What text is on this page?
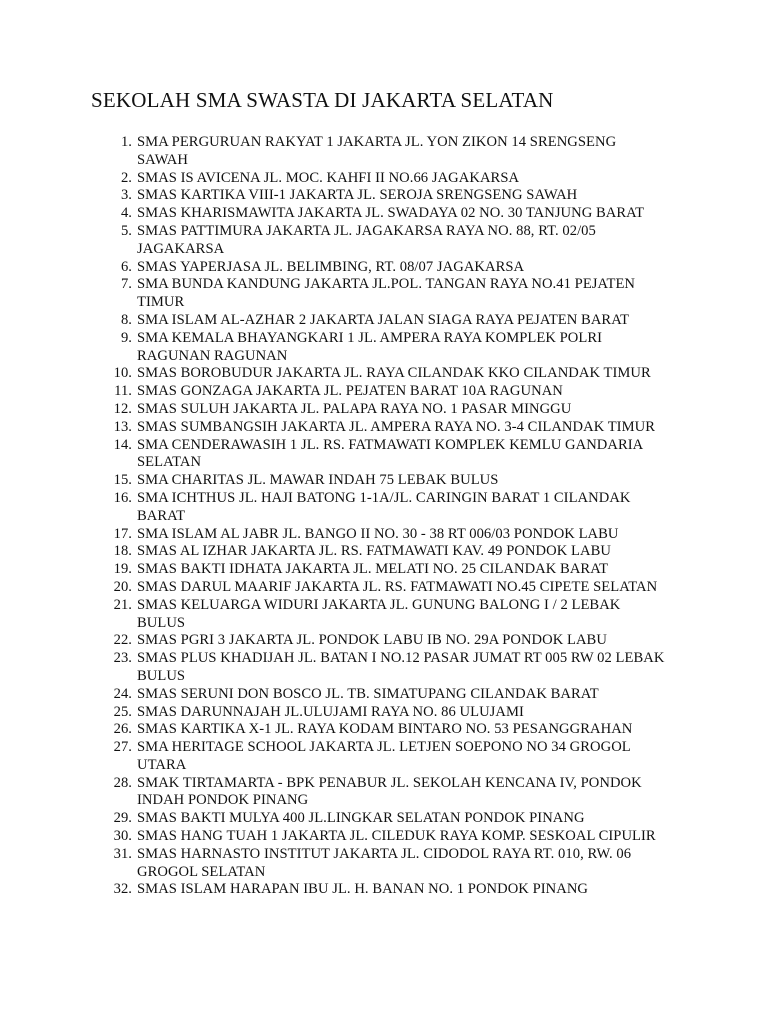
SEKOLAH SMA SWASTA DI JAKARTA SELATAN
1. SMA PERGURUAN RAKYAT 1 JAKARTA JL. YON ZIKON 14 SRENGSENG SAWAH
2. SMAS IS AVICENA JL. MOC. KAHFI II NO.66 JAGAKARSA
3. SMAS KARTIKA VIII-1 JAKARTA JL. SEROJA SRENGSENG SAWAH
4. SMAS KHARISMAWITA JAKARTA JL. SWADAYA 02 NO. 30 TANJUNG BARAT
5. SMAS PATTIMURA JAKARTA JL. JAGAKARSA RAYA NO. 88, RT. 02/05 JAGAKARSA
6. SMAS YAPERJASA JL. BELIMBING, RT. 08/07 JAGAKARSA
7. SMA BUNDA KANDUNG JAKARTA JL.POL. TANGAN RAYA NO.41 PEJATEN TIMUR
8. SMA ISLAM AL-AZHAR 2 JAKARTA JALAN SIAGA RAYA PEJATEN BARAT
9. SMA KEMALA BHAYANGKARI 1 JL. AMPERA RAYA KOMPLEK POLRI RAGUNAN RAGUNAN
10. SMAS BOROBUDUR JAKARTA JL. RAYA CILANDAK KKO CILANDAK TIMUR
11. SMAS GONZAGA JAKARTA JL. PEJATEN BARAT 10A RAGUNAN
12. SMAS SULUH JAKARTA JL. PALAPA RAYA NO. 1 PASAR MINGGU
13. SMAS SUMBANGSIH JAKARTA JL. AMPERA RAYA NO. 3-4 CILANDAK TIMUR
14. SMA CENDERAWASIH 1 JL. RS. FATMAWATI KOMPLEK KEMLU GANDARIA SELATAN
15. SMA CHARITAS JL. MAWAR INDAH 75 LEBAK BULUS
16. SMA ICHTHUS JL. HAJI BATONG 1-1A/JL. CARINGIN BARAT 1 CILANDAK BARAT
17. SMA ISLAM AL JABR JL. BANGO II NO. 30 - 38 RT 006/03 PONDOK LABU
18. SMAS AL IZHAR JAKARTA JL. RS. FATMAWATI KAV. 49 PONDOK LABU
19. SMAS BAKTI IDHATA JAKARTA JL. MELATI NO. 25 CILANDAK BARAT
20. SMAS DARUL MAARIF JAKARTA JL. RS. FATMAWATI NO.45 CIPETE SELATAN
21. SMAS KELUARGA WIDURI JAKARTA JL. GUNUNG BALONG I / 2 LEBAK BULUS
22. SMAS PGRI 3 JAKARTA JL. PONDOK LABU IB NO. 29A PONDOK LABU
23. SMAS PLUS KHADIJAH JL. BATAN I NO.12 PASAR JUMAT RT 005 RW 02 LEBAK BULUS
24. SMAS SERUNI DON BOSCO JL. TB. SIMATUPANG CILANDAK BARAT
25. SMAS DARUNNAJAH JL.ULUJAMI RAYA NO. 86 ULUJAMI
26. SMAS KARTIKA X-1 JL. RAYA KODAM BINTARO NO. 53 PESANGGRAHAN
27. SMA HERITAGE SCHOOL JAKARTA JL. LETJEN SOEPONO NO 34 GROGOL UTARA
28. SMAK TIRTAMARTA - BPK PENABUR JL. SEKOLAH KENCANA IV, PONDOK INDAH PONDOK PINANG
29. SMAS BAKTI MULYA 400 JL.LINGKAR SELATAN PONDOK PINANG
30. SMAS HANG TUAH 1 JAKARTA JL. CILEDUK RAYA KOMP. SESKOAL CIPULIR
31. SMAS HARNASTO INSTITUT JAKARTA JL. CIDODOL RAYA RT. 010, RW. 06 GROGOL SELATAN
32. SMAS ISLAM HARAPAN IBU JL. H. BANAN NO. 1 PONDOK PINANG
